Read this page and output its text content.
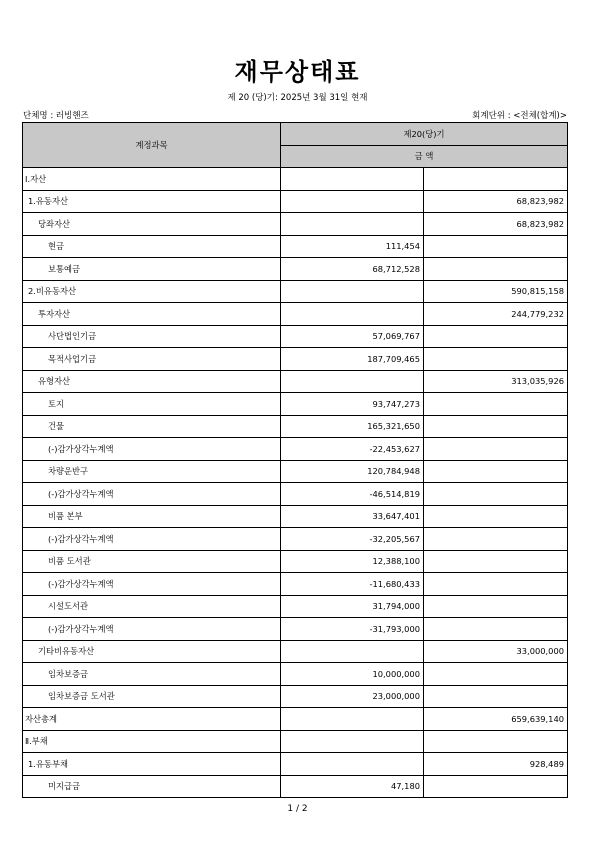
재무상태표
제 20 (당)기: 2025년 3월 31일 현재
단체명 : 러빙핸즈	회계단위 : <전체(합계)>
계정과목	제20(당)기	
	금 액	
Ⅰ.자산		
1.유동자산		68,823,982
당좌자산		68,823,982
현금	111,454	
보통예금	68,712,528	
2.비유동자산		590,815,158
투자자산		244,779,232
사단법인기금	57,069,767	
목적사업기금	187,709,465	
유형자산		313,035,926
토지	93,747,273	
건물	165,321,650	
(-)감가상각누계액	-22,453,627	
차량운반구	120,784,948	
(-)감가상각누계액	-46,514,819	
비품 본부	33,647,401	
(-)감가상각누계액	-32,205,567	
비품 도서관	12,388,100	
(-)감가상각누계액	-11,680,433	
시설도서관	31,794,000	
(-)감가상각누계액	-31,793,000	
기타비유동자산		33,000,000
임차보증금	10,000,000	
임차보증금 도서관	23,000,000	
자산총계		659,639,140
Ⅱ.부채		
1.유동부채		928,489
미지급금	47,180	
1 / 2
